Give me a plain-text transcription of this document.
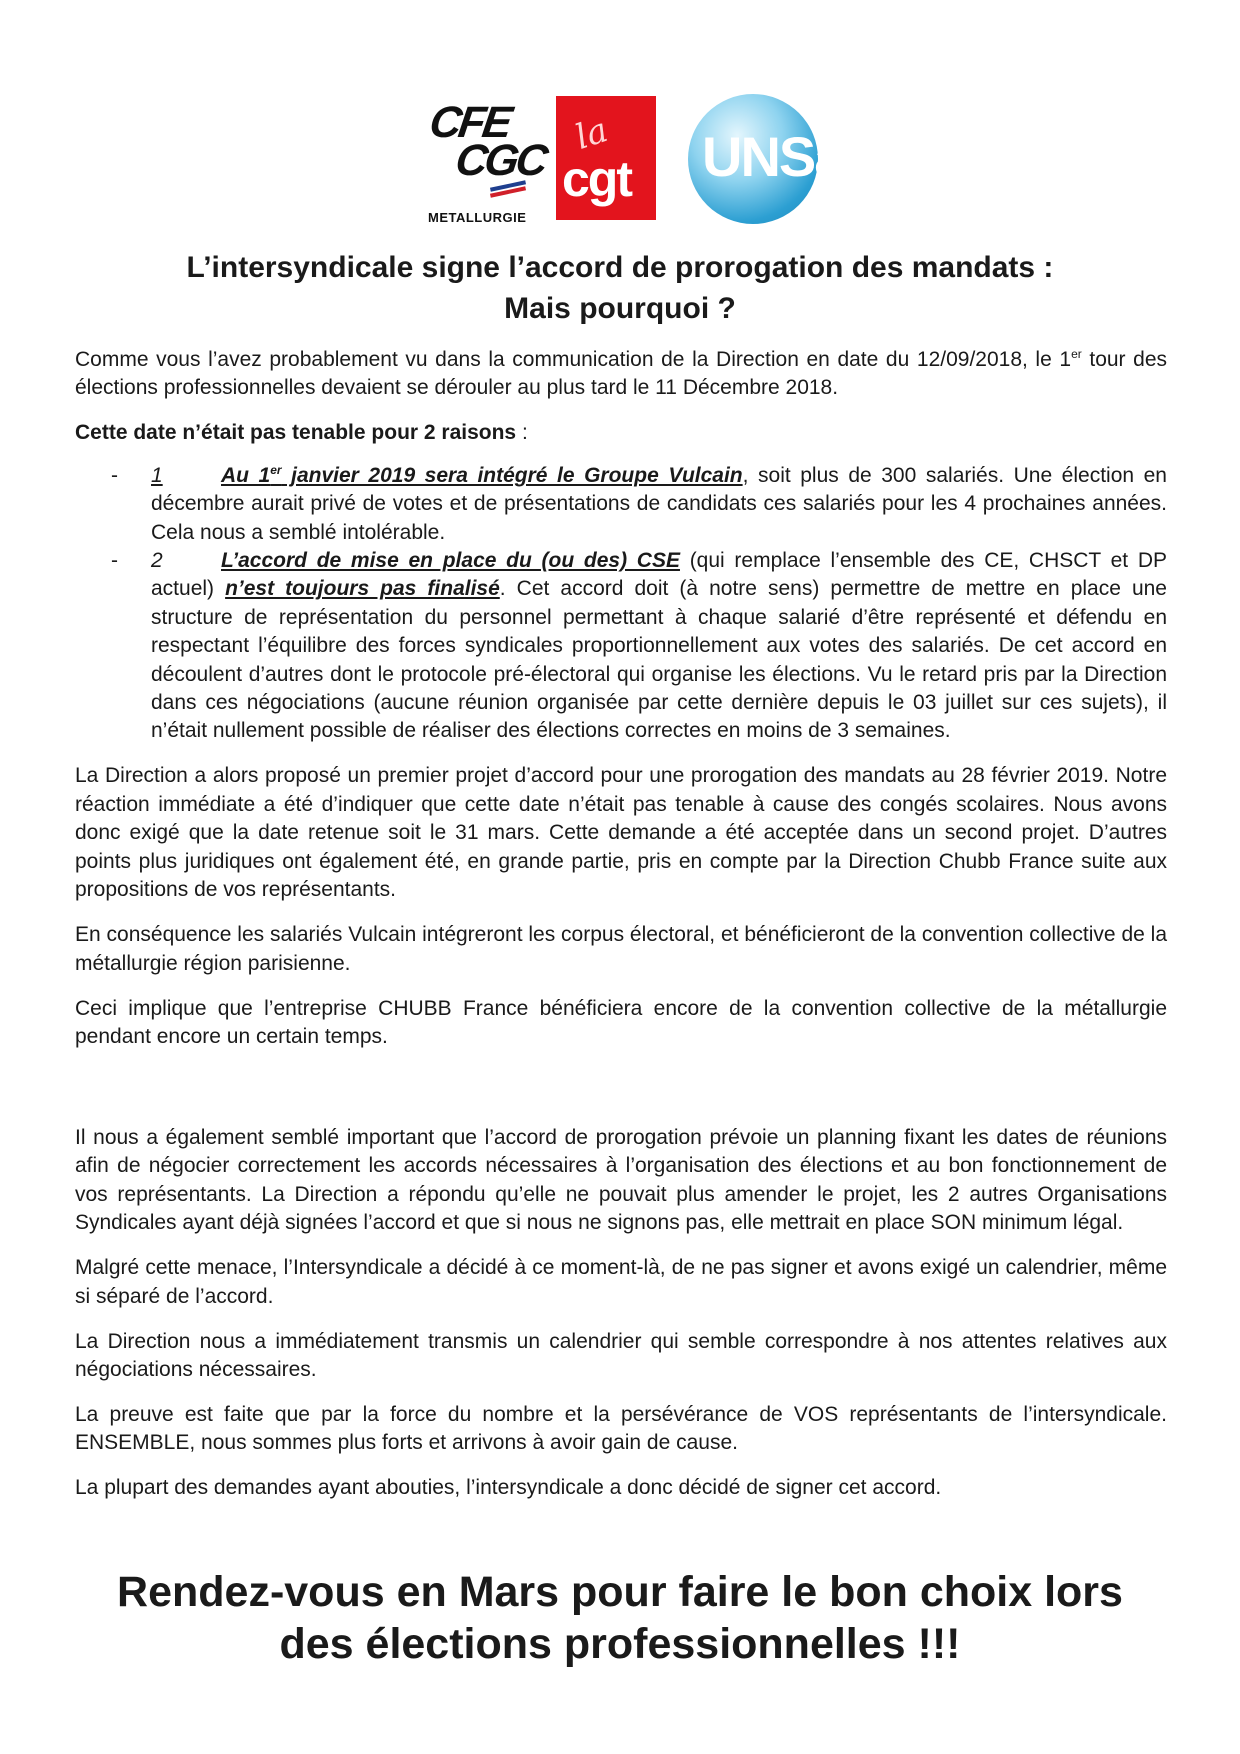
CFE
CGC
METALLURGIE
la
cgt UNSa
L’intersyndicale signe l’accord de prorogation des mandats :
Mais pourquoi ?

Comme vous l’avez probablement vu dans la communication de la Direction en date du 12/09/2018, le 1er tour des élections professionnelles devaient se dérouler au plus tard le 11 Décembre 2018.

Cette date n’était pas tenable pour 2 raisons :

- 1	Au 1er janvier 2019 sera intégré le Groupe Vulcain, soit plus de 300 salariés. Une élection en décembre aurait privé de votes et de présentations de candidats ces salariés pour les 4 prochaines années. Cela nous a semblé intolérable.
- 2	L’accord de mise en place du (ou des) CSE (qui remplace l’ensemble des CE, CHSCT et DP actuel) n’est toujours pas finalisé. Cet accord doit (à notre sens) permettre de mettre en place une structure de représentation du personnel permettant à chaque salarié d’être représenté et défendu en respectant l’équilibre des forces syndicales proportionnellement aux votes des salariés. De cet accord en découlent d’autres dont le protocole pré-électoral qui organise les élections. Vu le retard pris par la Direction dans ces négociations (aucune réunion organisée par cette dernière depuis le 03 juillet sur ces sujets), il n’était nullement possible de réaliser des élections correctes en moins de 3 semaines.

La Direction a alors proposé un premier projet d’accord pour une prorogation des mandats au 28 février 2019. Notre réaction immédiate a été d’indiquer que cette date n’était pas tenable à cause des congés scolaires. Nous avons donc exigé que la date retenue soit le 31 mars. Cette demande a été acceptée dans un second projet. D’autres points plus juridiques ont également été, en grande partie, pris en compte par la Direction Chubb France suite aux propositions de vos représentants.

En conséquence les salariés Vulcain intégreront les corpus électoral, et bénéficieront de la convention collective de la métallurgie région parisienne.

Ceci implique que l’entreprise CHUBB France bénéficiera encore de la convention collective de la métallurgie pendant encore un certain temps.

Il nous a également semblé important que l’accord de prorogation prévoie un planning fixant les dates de réunions afin de négocier correctement les accords nécessaires à l’organisation des élections et au bon fonctionnement de vos représentants. La Direction a répondu qu’elle ne pouvait plus amender le projet, les 2 autres Organisations Syndicales ayant déjà signées l’accord et que si nous ne signons pas, elle mettrait en place SON minimum légal.

Malgré cette menace, l’Intersyndicale a décidé à ce moment-là, de ne pas signer et avons exigé un calendrier, même si séparé de l’accord.

La Direction nous a immédiatement transmis un calendrier qui semble correspondre à nos attentes relatives aux négociations nécessaires.

La preuve est faite que par la force du nombre et la persévérance de VOS représentants de l’intersyndicale. ENSEMBLE, nous sommes plus forts et arrivons à avoir gain de cause.

La plupart des demandes ayant abouties, l’intersyndicale a donc décidé de signer cet accord.

Rendez-vous en Mars pour faire le bon choix lors
des élections professionnelles !!!
